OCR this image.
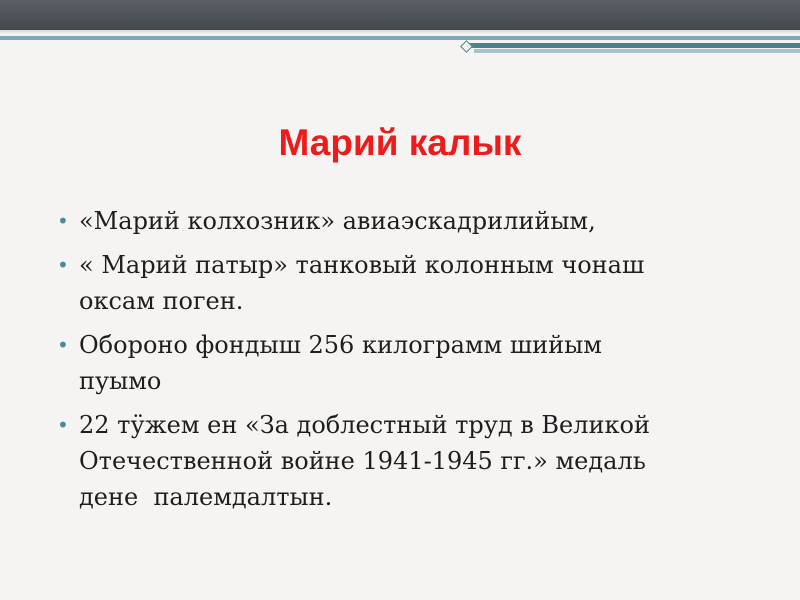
Марий калык
• «Марий колхозник» авиаэскадрилийым,
• « Марий патыр» танковый колонным чонаш
оксам поген.
• Обороно фондыш 256 килограмм шийым
пуымо
• 22 тӱжем ен «За доблестный труд в Великой
Отечественной войне 1941-1945 гг.» медаль
дене  палемдалтын.
